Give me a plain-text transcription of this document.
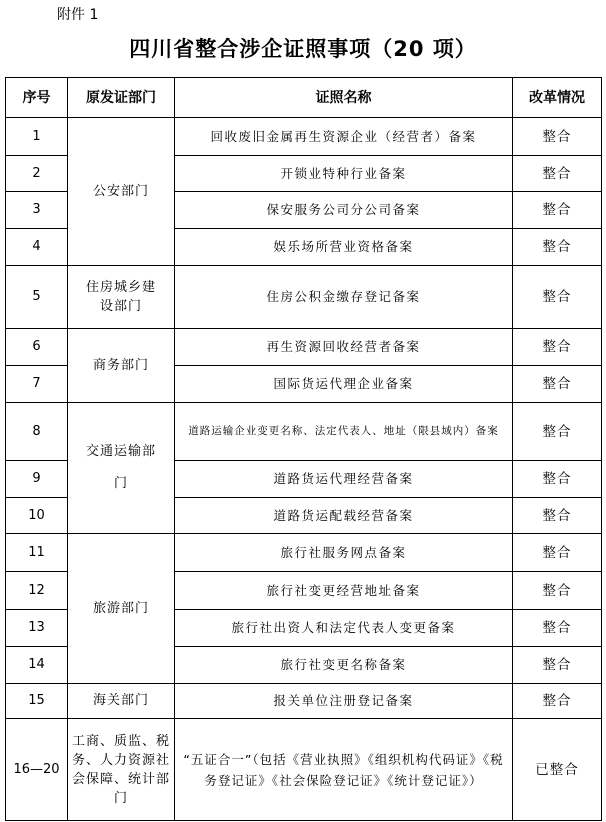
附件 1
四川省整合涉企证照事项（20 项）
序号	原发证部门	证照名称	改革情况
1	公安部门	回收废旧金属再生资源企业（经营者）备案	整合
2		开锁业特种行业备案	整合
3		保安服务公司分公司备案	整合
4		娱乐场所营业资格备案	整合
5	住房城乡建设部门	住房公积金缴存登记备案	整合
6	商务部门	再生资源回收经营者备案	整合
7		国际货运代理企业备案	整合
8	交通运输部门	道路运输企业变更名称、法定代表人、地址（限县域内）备案	整合
9		道路货运代理经营备案	整合
10		道路货运配载经营备案	整合
11	旅游部门	旅行社服务网点备案	整合
12		旅行社变更经营地址备案	整合
13		旅行社出资人和法定代表人变更备案	整合
14		旅行社变更名称备案	整合
15	海关部门	报关单位注册登记备案	整合
16—20	工商、质监、税务、人力资源社会保障、统计部门	“五证合一”（包括《营业执照》《组织机构代码证》《税务登记证》《社会保险登记证》《统计登记证》）	已整合
